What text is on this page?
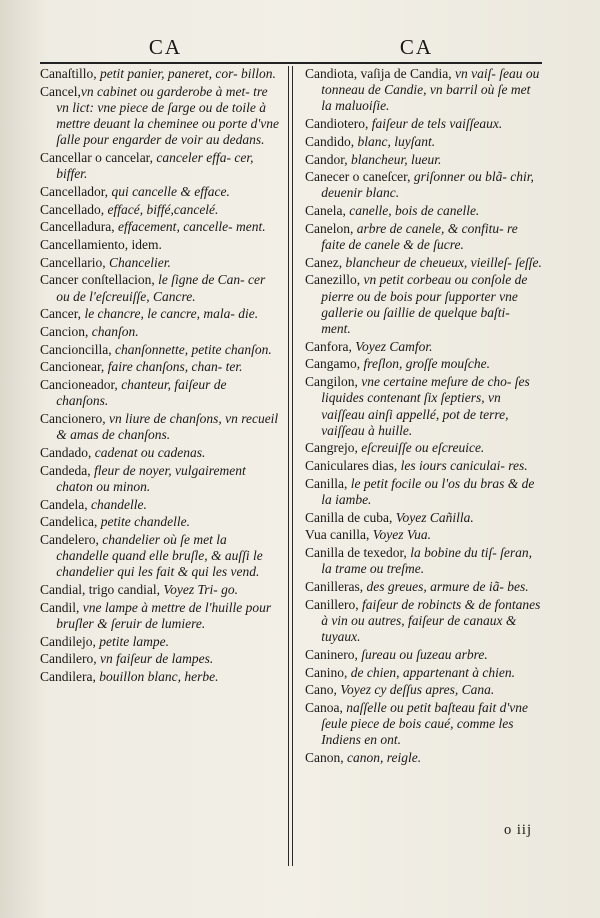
CA	CA
Canaſtillo, petit panier, paneret, cor- billon.
Cancel,vn cabinet ou garderobe à met- tre vn lict: vne piece de ſarge ou de toile à mettre deuant la cheminee ou porte d'vne ſalle pour engarder de voir au dedans.
Cancellar o cancelar, canceler effa- cer, biffer.
Cancellador, qui cancelle & efface.
Cancellado, effacé, biffé,cancelé.
Cancelladura, effacement, cancelle- ment.
Cancellamiento, idem.
Cancellario, Chancelier.
Cancer conſtellacion, le ſigne de Can- cer ou de l'eſcreuiſſe, Cancre.
Cancer, le chancre, le cancre, mala- die.
Cancion, chanſon.
Cancioncilla, chanſonnette, petite chanſon.
Cancionear, faire chanſons, chan- ter.
Cancioneador, chanteur, faiſeur de chanſons.
Cancionero, vn liure de chanſons, vn recueil & amas de chanſons.
Candado, cadenat ou cadenas.
Candeda, fleur de noyer, vulgairement chaton ou minon.
Candela, chandelle.
Candelica, petite chandelle.
Candelero, chandelier où ſe met la chandelle quand elle bruſle, & auſſi le chandelier qui les fait & qui les vend.
Candial, trigo candial, Voyez Tri- go.
Candil, vne lampe à mettre de l'huille pour bruſler & ſeruir de lumiere.
Candilejo, petite lampe.
Candilero, vn faiſeur de lampes.
Candilera, bouillon blanc, herbe.
Candiota, vaſija de Candia, vn vaiſ- ſeau ou tonneau de Candie, vn barril où ſe met la maluoiſie.
Candiotero, faiſeur de tels vaiſſeaux.
Candido, blanc, luyſant.
Candor, blancheur, lueur.
Canecer o caneſcer, griſonner ou blã- chir, deuenir blanc.
Canela, canelle, bois de canelle.
Canelon, arbre de canele, & confitu- re faite de canele & de ſucre.
Canez, blancheur de cheueux, vieilleſ- ſeſſe.
Canezillo, vn petit corbeau ou conſole de pierre ou de bois pour ſupporter vne gallerie ou ſaillie de quelque baſti- ment.
Canfora, Voyez Camfor.
Cangamo, freſlon, groſſe mouſche.
Cangilon, vne certaine meſure de cho- ſes liquides contenant ſix ſeptiers, vn vaiſſeau ainſi appellé, pot de terre, vaiſſeau à huille.
Cangrejo, eſcreuiſſe ou eſcreuice.
Caniculares dias, les iours caniculai- res.
Canilla, le petit focile ou l'os du bras & de la iambe.
Canilla de cuba, Voyez Cañilla.
Vua canilla, Voyez Vua.
Canilla de texedor, la bobine du tiſ- ſeran, la trame ou treſme.
Canilleras, des greues, armure de iã- bes.
Canillero, faiſeur de robincts & de fontanes à vin ou autres, faiſeur de canaux & tuyaux.
Caninero, ſureau ou ſuzeau arbre.
Canino, de chien, appartenant à chien.
Cano, Voyez cy deſſus apres, Cana.
Canoa, naſſelle ou petit baſteau fait d'vne ſeule piece de bois caué, comme les Indiens en ont.
Canon, canon, reigle.
o iij
